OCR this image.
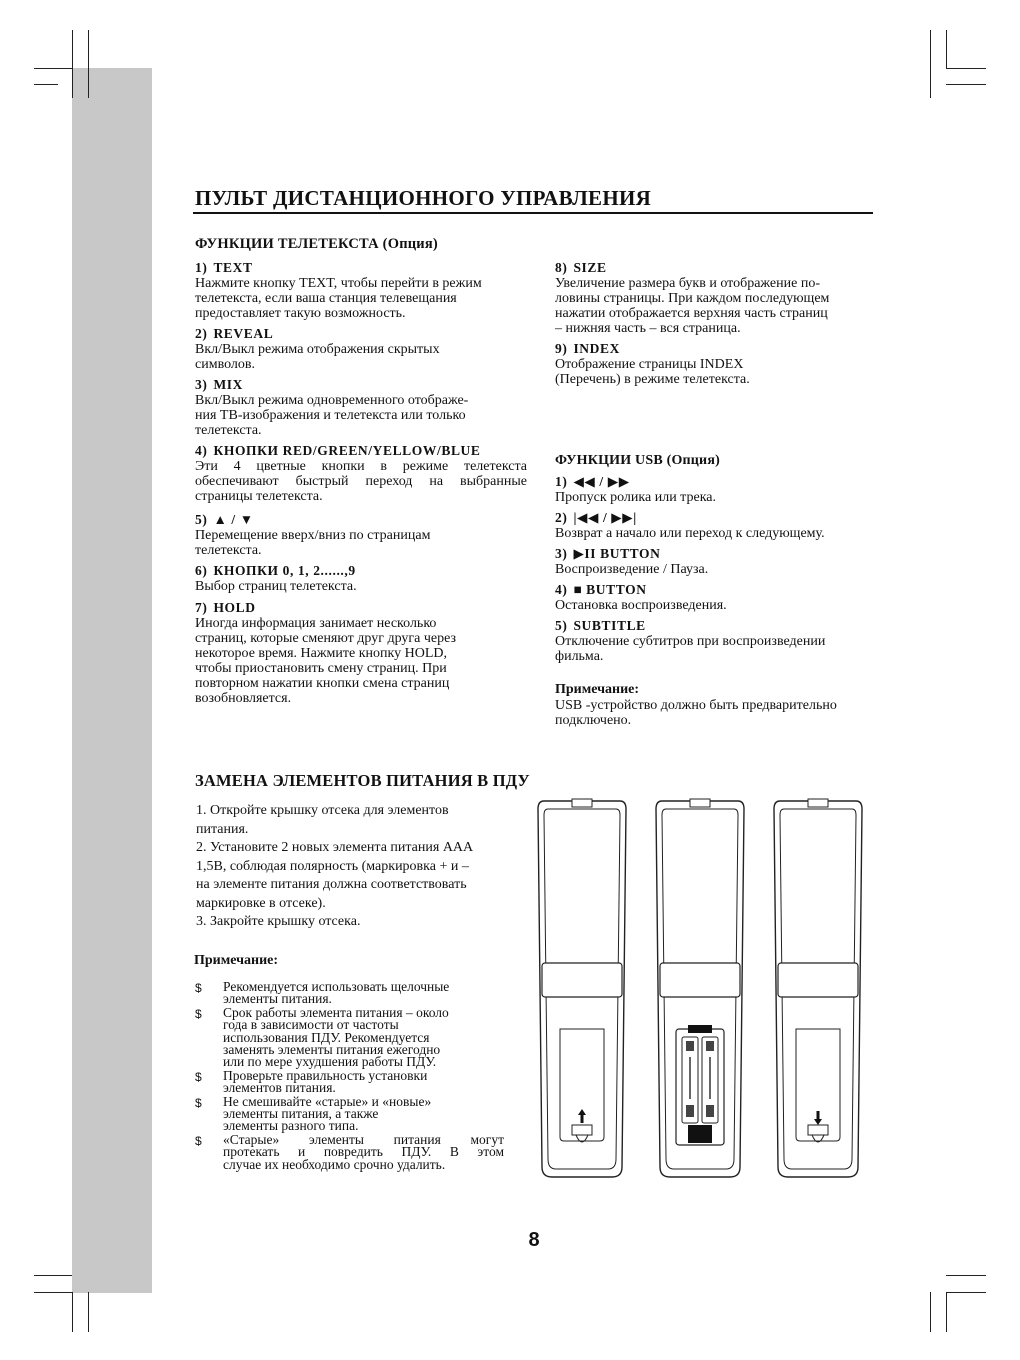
ПУЛЬТ ДИСТАНЦИОННОГО УПРАВЛЕНИЯ
ФУНКЦИИ ТЕЛЕТЕКСТА (Опция)
1) TEXT
Нажмите кнопку TEXT, чтобы перейти в режим
телетекста, если ваша станция телевещания
предоставляет такую возможность.
2) REVEAL
Вкл/Выкл режима отображения скрытых
символов.
3) MIX
Вкл/Выкл режима одновременного отображе-
ния ТВ-изображения и телетекста или только
телетекста.
4) КНОПКИ RED/GREEN/YELLOW/BLUE
Эти 4 цветные кнопки в режиме телетекста
обеспечивают быстрый переход на выбранные
страницы телетекста.
5) ▲ / ▼
Перемещение вверх/вниз по страницам
телетекста.
6) КНОПКИ 0, 1, 2......,9
Выбор страниц телетекста.
7) HOLD
Иногда информация занимает несколько
страниц, которые сменяют друг друга через
некоторое время. Нажмите кнопку HOLD,
чтобы приостановить смену страниц. При
повторном нажатии кнопки смена страниц
возобновляется.
8) SIZE
Увеличение размера букв и отображение по-
ловины страницы. При каждом последующем
нажатии отображается верхняя часть страниц
– нижняя часть – вся страница.
9) INDEX
Отображение страницы INDEX
(Перечень) в режиме телетекста.
ФУНКЦИИ USB (Опция)
1) ◀◀ / ▶▶
Пропуск ролика или трека.
2) |◀◀ / ▶▶|
Возврат а начало или переход к следующему.
3) ▶II BUTTON
Воспроизведение / Пауза.
4) ■ BUTTON
Остановка воспроизведения.
5) SUBTITLE
Отключение субтитров при воспроизведении
фильма.
Примечание:
USB -устройство должно быть предварительно
подключено.
ЗАМЕНА ЭЛЕМЕНТОВ ПИТАНИЯ В ПДУ
1. Откройте крышку отсека для элементов
питания.
2. Установите 2 новых элемента питания AAA
1,5В, соблюдая полярность (маркировка + и –
на элементе питания должна соответствовать
маркировке в отсеке).
3. Закройте крышку отсека.
Примечание:
$ Рекомендуется использовать щелочные
элементы питания.
$ Срок работы элемента питания – около
года в зависимости от частоты
использования ПДУ. Рекомендуется
заменять элементы питания ежегодно
или по мере ухудшения работы ПДУ.
$ Проверьте правильность установки
элементов питания.
$ Не смешивайте «старые» и «новые»
элементы питания, а также
элементы разного типа.
$ «Старые» элементы питания могут
протекать и повредить ПДУ. В этом
случае их необходимо срочно удалить.
8
